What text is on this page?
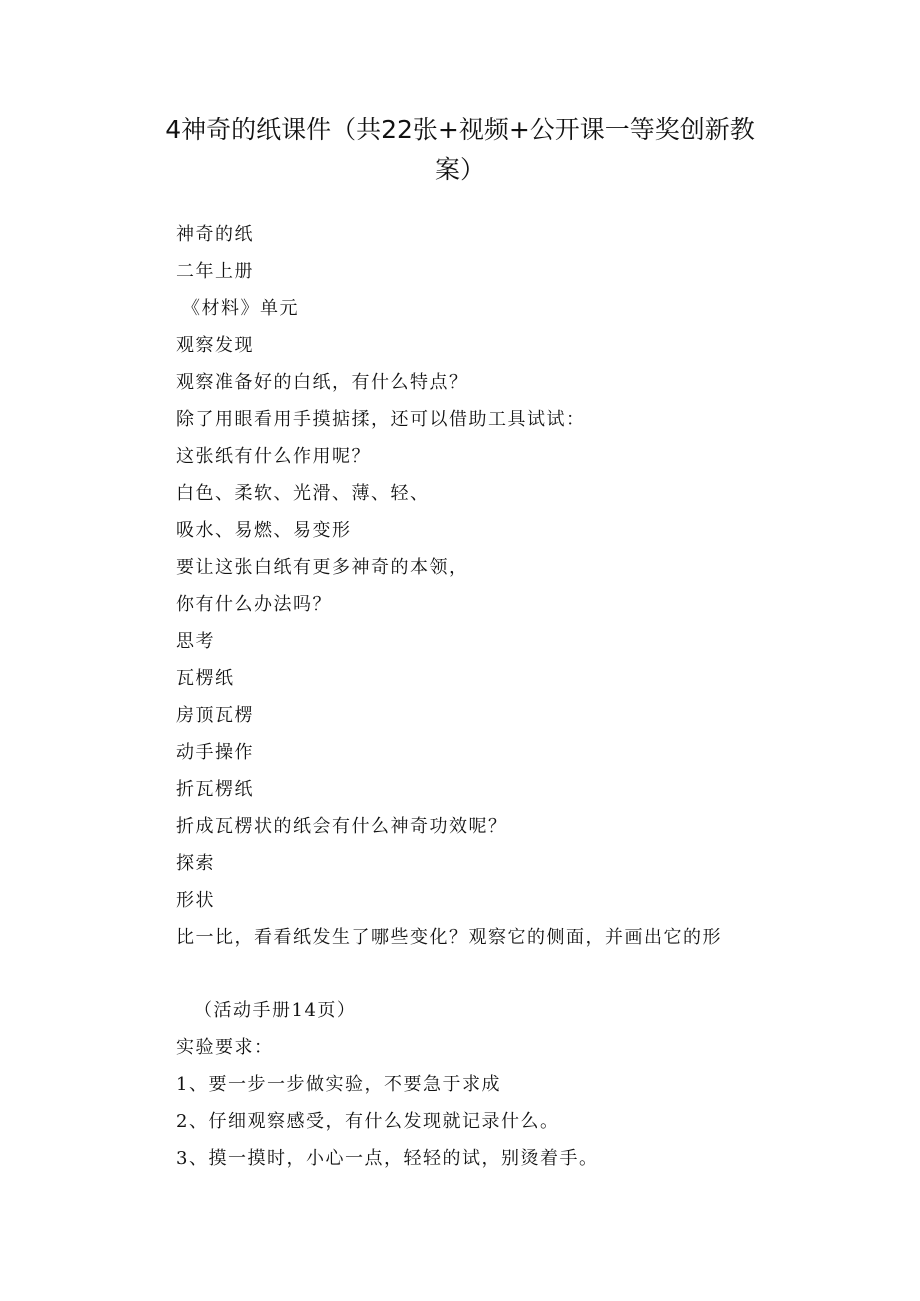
4神奇的纸课件（共22张+视频+公开课一等奖创新教案）
神奇的纸
二年上册
《材料》单元
观察发现
观察准备好的白纸，有什么特点？
除了用眼看用手摸掂揉，还可以借助工具试试：
这张纸有什么作用呢？
白色、柔软、光滑、薄、轻、
吸水、易燃、易变形
要让这张白纸有更多神奇的本领，
你有什么办法吗？
思考
瓦楞纸
房顶瓦楞
动手操作
折瓦楞纸
折成瓦楞状的纸会有什么神奇功效呢？
探索
形状
比一比，看看纸发生了哪些变化？观察它的侧面，并画出它的形
（活动手册14页）
实验要求：
1、要一步一步做实验，不要急于求成
2、仔细观察感受，有什么发现就记录什么。
3、摸一摸时，小心一点，轻轻的试，别烫着手。
